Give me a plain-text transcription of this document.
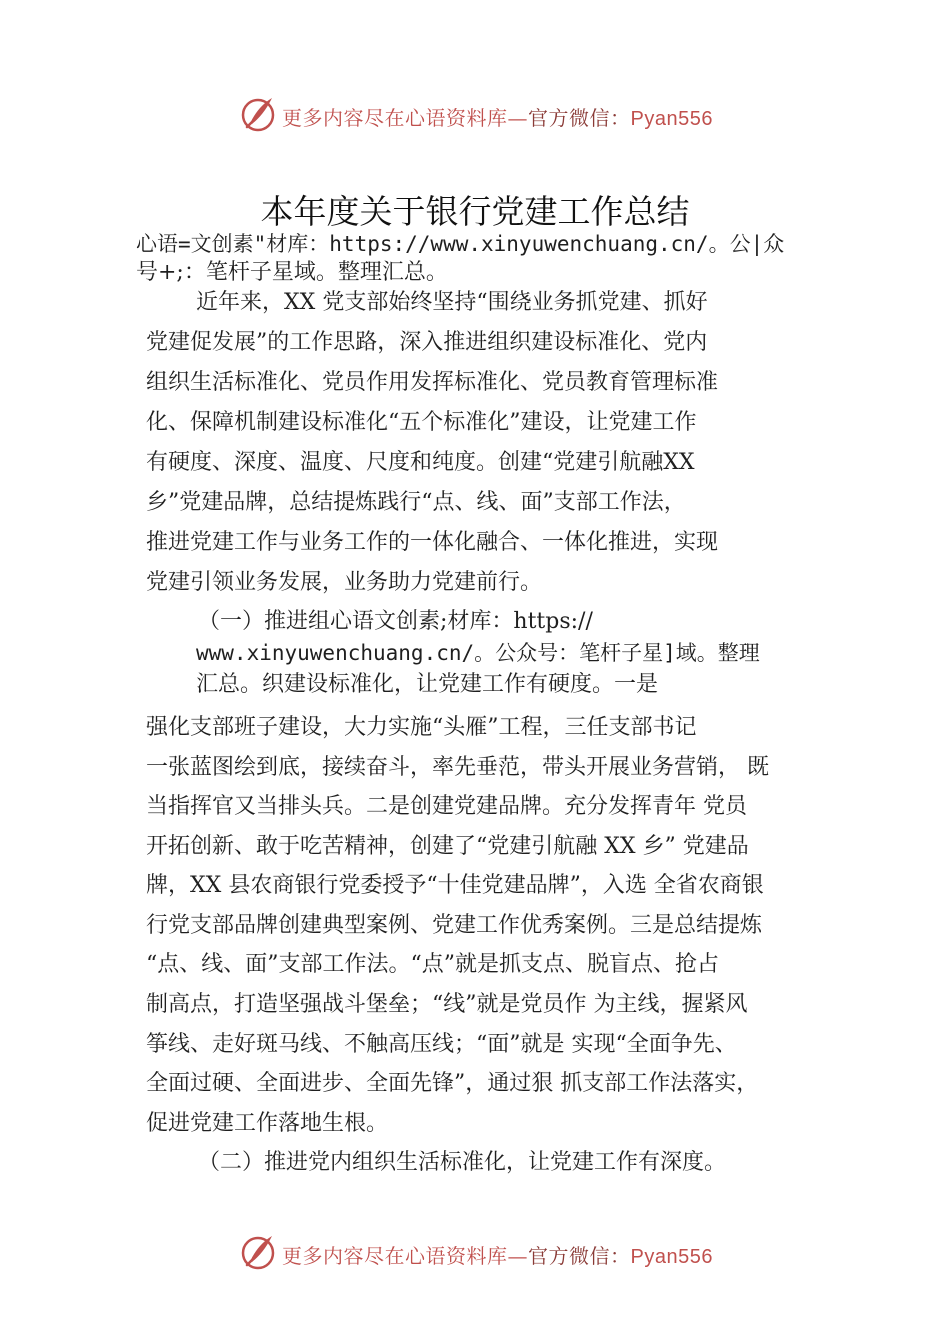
更多内容尽在心语资料库—官方微信：Pyan556
本年度关于银行党建工作总结
心语=文创素"材库：https://www.xinyuwenchuang.cn/。公|众
号+;：笔杆子星域。整理汇总。
近年来，XX 党支部始终坚持“围绕业务抓党建、抓好
党建促发展”的工作思路，深入推进组织建设标准化、党内
组织生活标准化、党员作用发挥标准化、党员教育管理标准
化、保障机制建设标准化“五个标准化”建设，让党建工作
有硬度、深度、温度、尺度和纯度。创建“党建引航融XX
乡”党建品牌，总结提炼践行“点、线、面”支部工作法，
推进党建工作与业务工作的一体化融合、一体化推进，实现
党建引领业务发展，业务助力党建前行。
（一）推进组心语文创素;材库：https://
www.xinyuwenchuang.cn/。公众号：笔杆子星]域。整理
汇总。织建设标准化，让党建工作有硬度。一是
强化支部班子建设，大力实施“头雁”工程，三任支部书记
一张蓝图绘到底，接续奋斗，率先垂范，带头开展业务营销， 既
当指挥官又当排头兵。二是创建党建品牌。充分发挥青年 党员
开拓创新、敢于吃苦精神，创建了“党建引航融 XX 乡” 党建品
牌，XX 县农商银行党委授予“十佳党建品牌”，入选 全省农商银
行党支部品牌创建典型案例、党建工作优秀案例。三是总结提炼
“点、线、面”支部工作法。“点”就是抓支点、脱盲点、抢占
制高点，打造坚强战斗堡垒；“线”就是党员作 为主线，握紧风
筝线、走好斑马线、不触高压线；“面”就是 实现“全面争先、
全面过硬、全面进步、全面先锋”，通过狠 抓支部工作法落实，
促进党建工作落地生根。
（二）推进党内组织生活标准化，让党建工作有深度。
更多内容尽在心语资料库—官方微信：Pyan556
